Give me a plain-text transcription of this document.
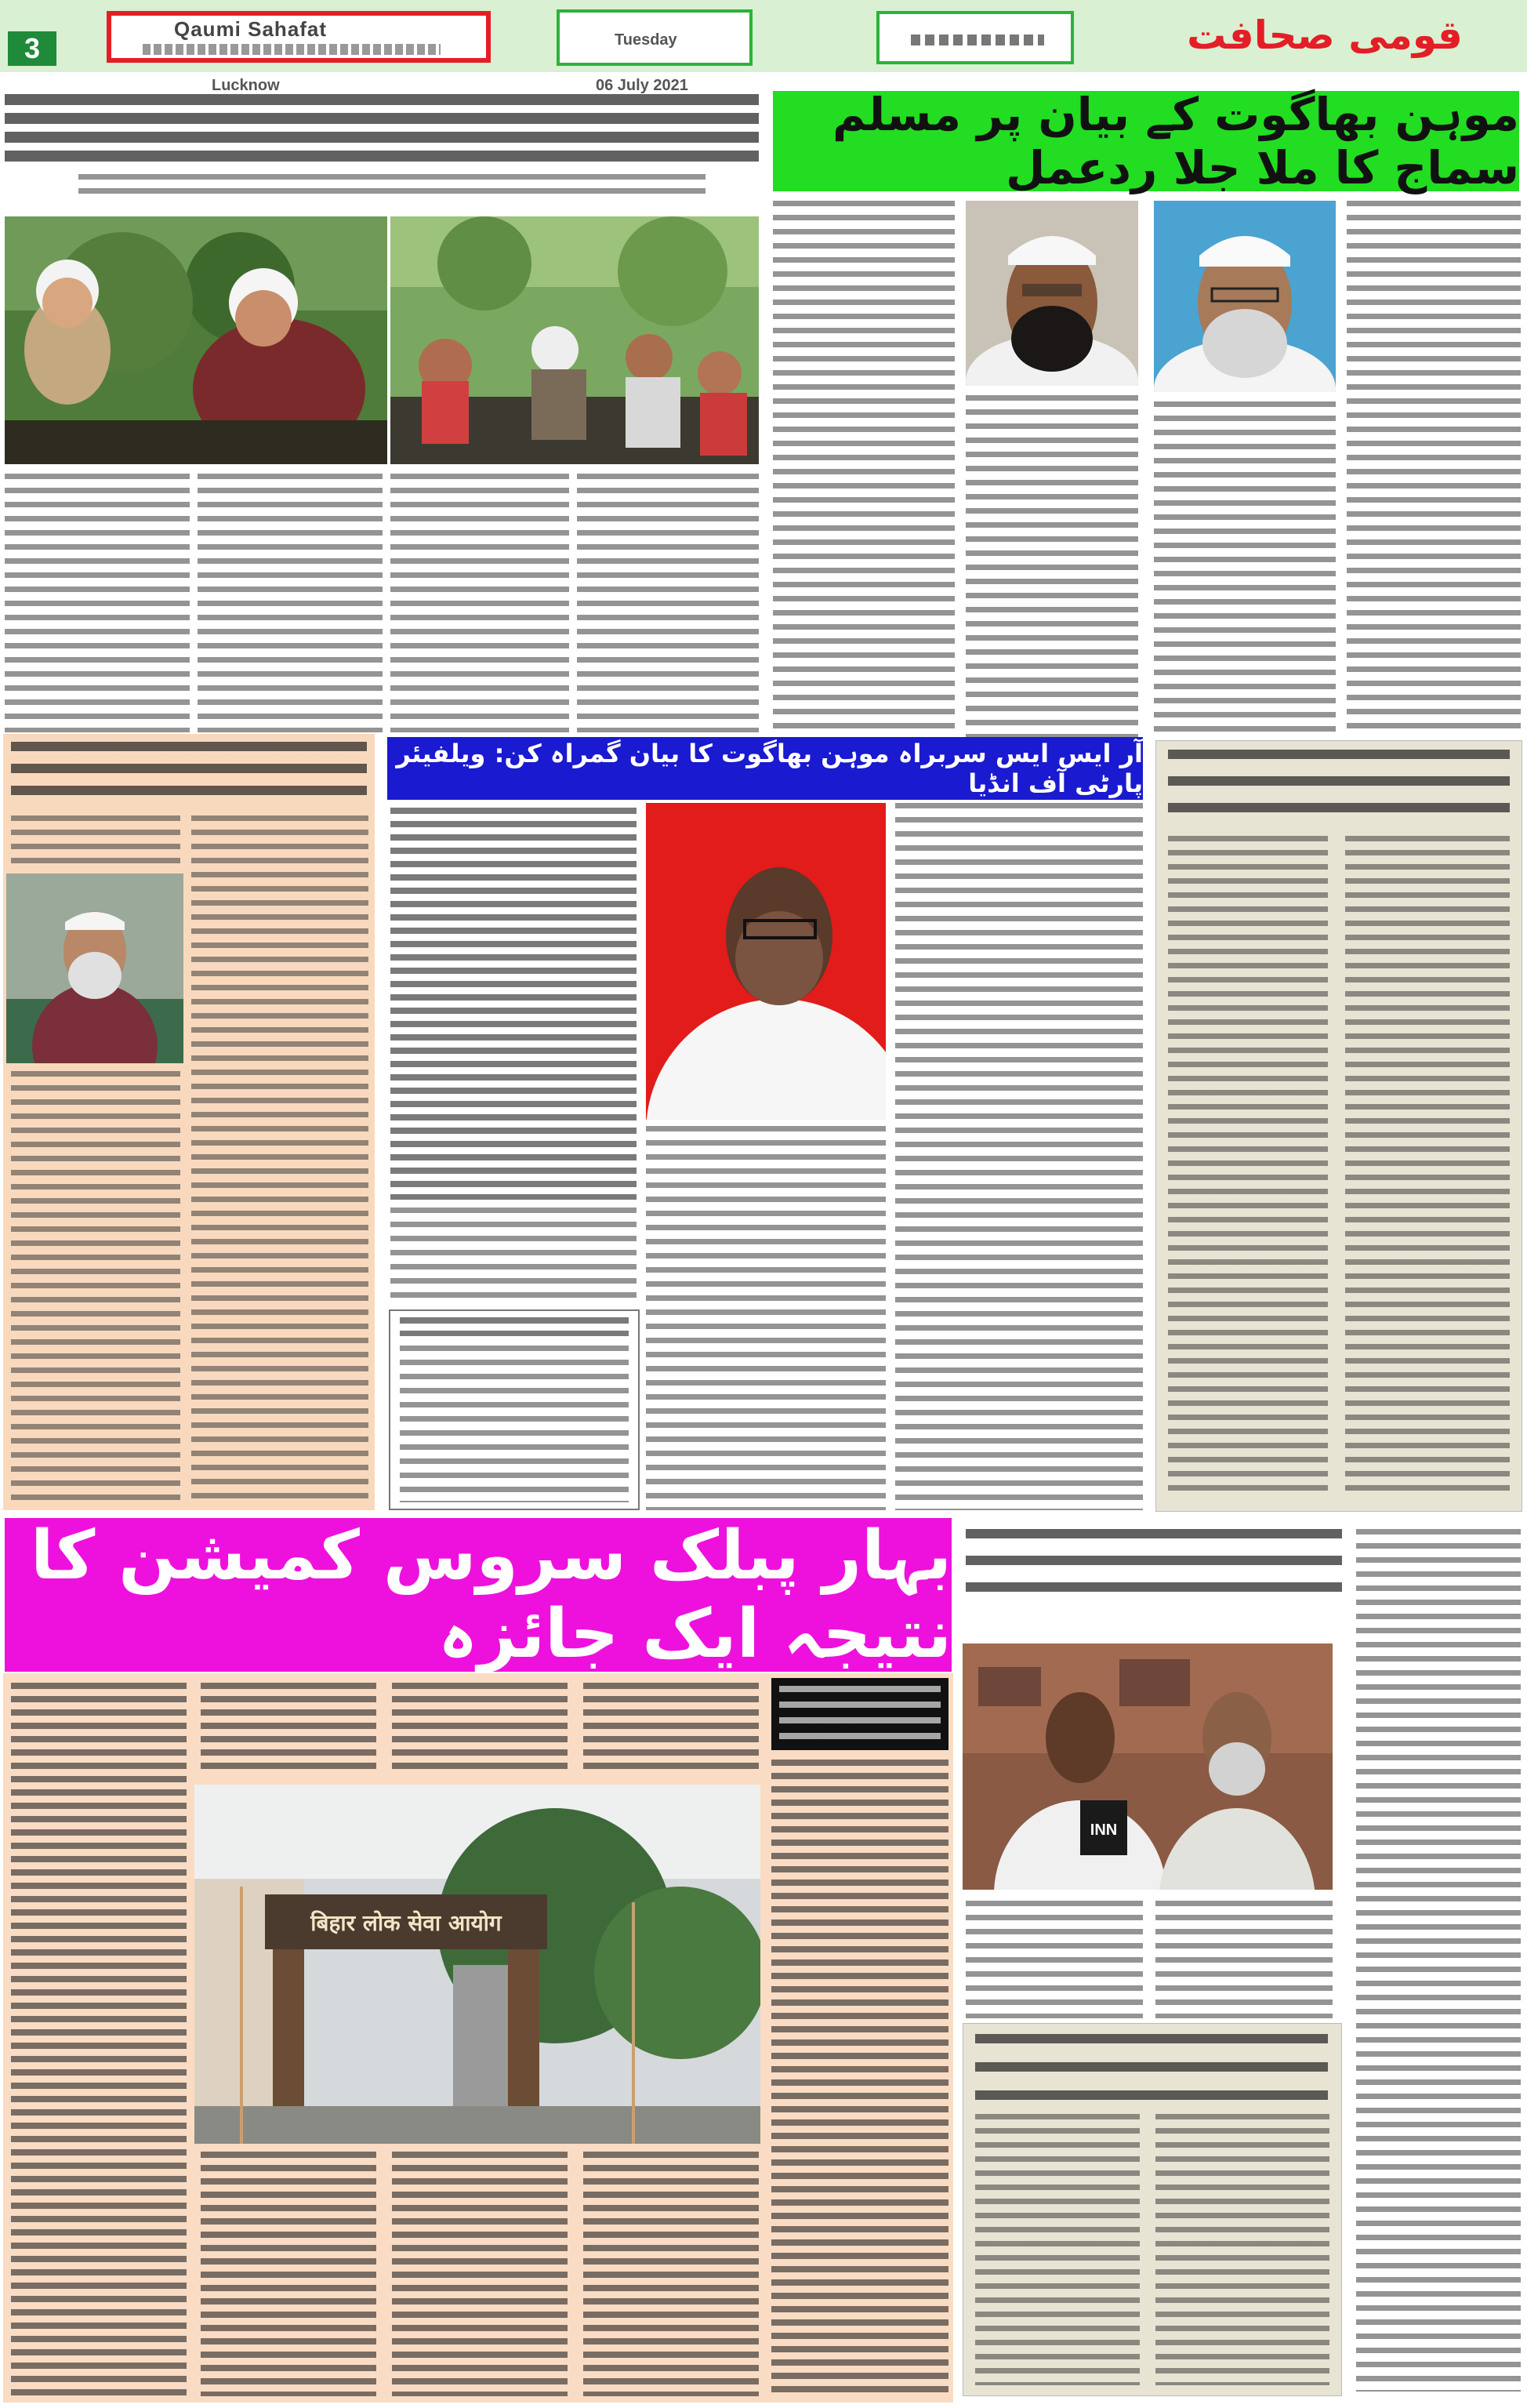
3
Qaumi Sahafat
Lucknow
Tuesday
06 July 2021
قومی صحافت
موہن بھاگوت کے بیان پر مسلم سماج کا ملا جلا ردعمل
آر ایس ایس سربراہ موہن بھاگوت کا بیان گمراہ کن: ویلفیئر پارٹی آف انڈیا
بہار پبلک سروس کمیشن کا نتیجہ ایک جائزہ
बिहार लोक सेवा आयोग
INN
